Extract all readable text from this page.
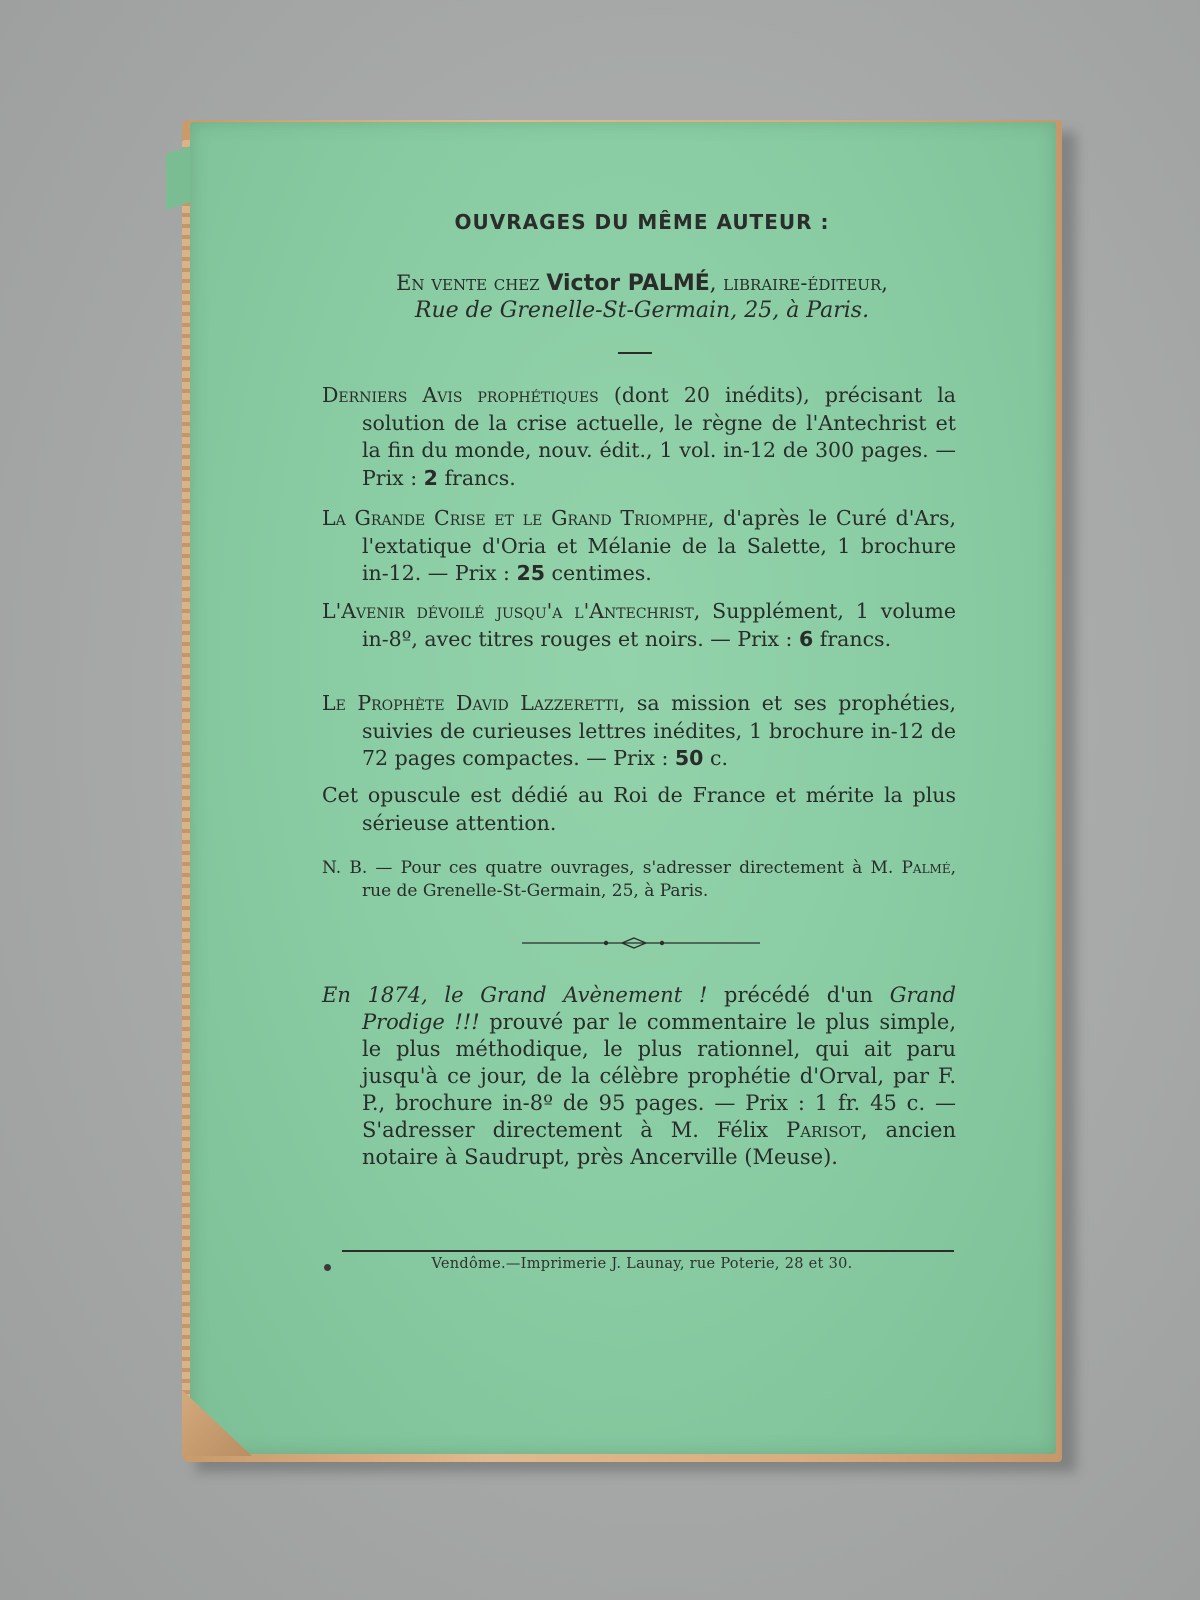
OUVRAGES DU MÊME AUTEUR :
En vente chez Victor PALMÉ, libraire-éditeur,
Rue de Grenelle-St-Germain, 25, à Paris.
Derniers Avis prophétiques (dont 20 inédits), précisant la solution de la crise actuelle, le règne de l'Antechrist et la fin du monde, nouv. édit., 1 vol. in-12 de 300 pages. — Prix : 2 francs.
La Grande Crise et le Grand Triomphe, d'après le Curé d'Ars, l'extatique d'Oria et Mélanie de la Salette, 1 brochure in-12. — Prix : 25 centimes.
L'Avenir dévoilé jusqu'a l'Antechrist, Supplément, 1 volume in-8º, avec titres rouges et noirs. — Prix : 6 francs.
Le Prophète David Lazzeretti, sa mission et ses prophéties, suivies de curieuses lettres inédites, 1 brochure in-12 de 72 pages compactes. — Prix : 50 c.
Cet opuscule est dédié au Roi de France et mérite la plus sérieuse attention.
N. B. — Pour ces quatre ouvrages, s'adresser directement à M. Palmé, rue de Grenelle-St-Germain, 25, à Paris.
En 1874, le Grand Avènement ! précédé d'un Grand Prodige !!! prouvé par le commentaire le plus simple, le plus méthodique, le plus rationnel, qui ait paru jusqu'à ce jour, de la célèbre prophétie d'Orval, par F. P., brochure in-8º de 95 pages. — Prix : 1 fr. 45 c. — S'adresser directement à M. Félix Parisot, ancien notaire à Saudrupt, près Ancerville (Meuse).
Vendôme.—Imprimerie J. Launay, rue Poterie, 28 et 30.
